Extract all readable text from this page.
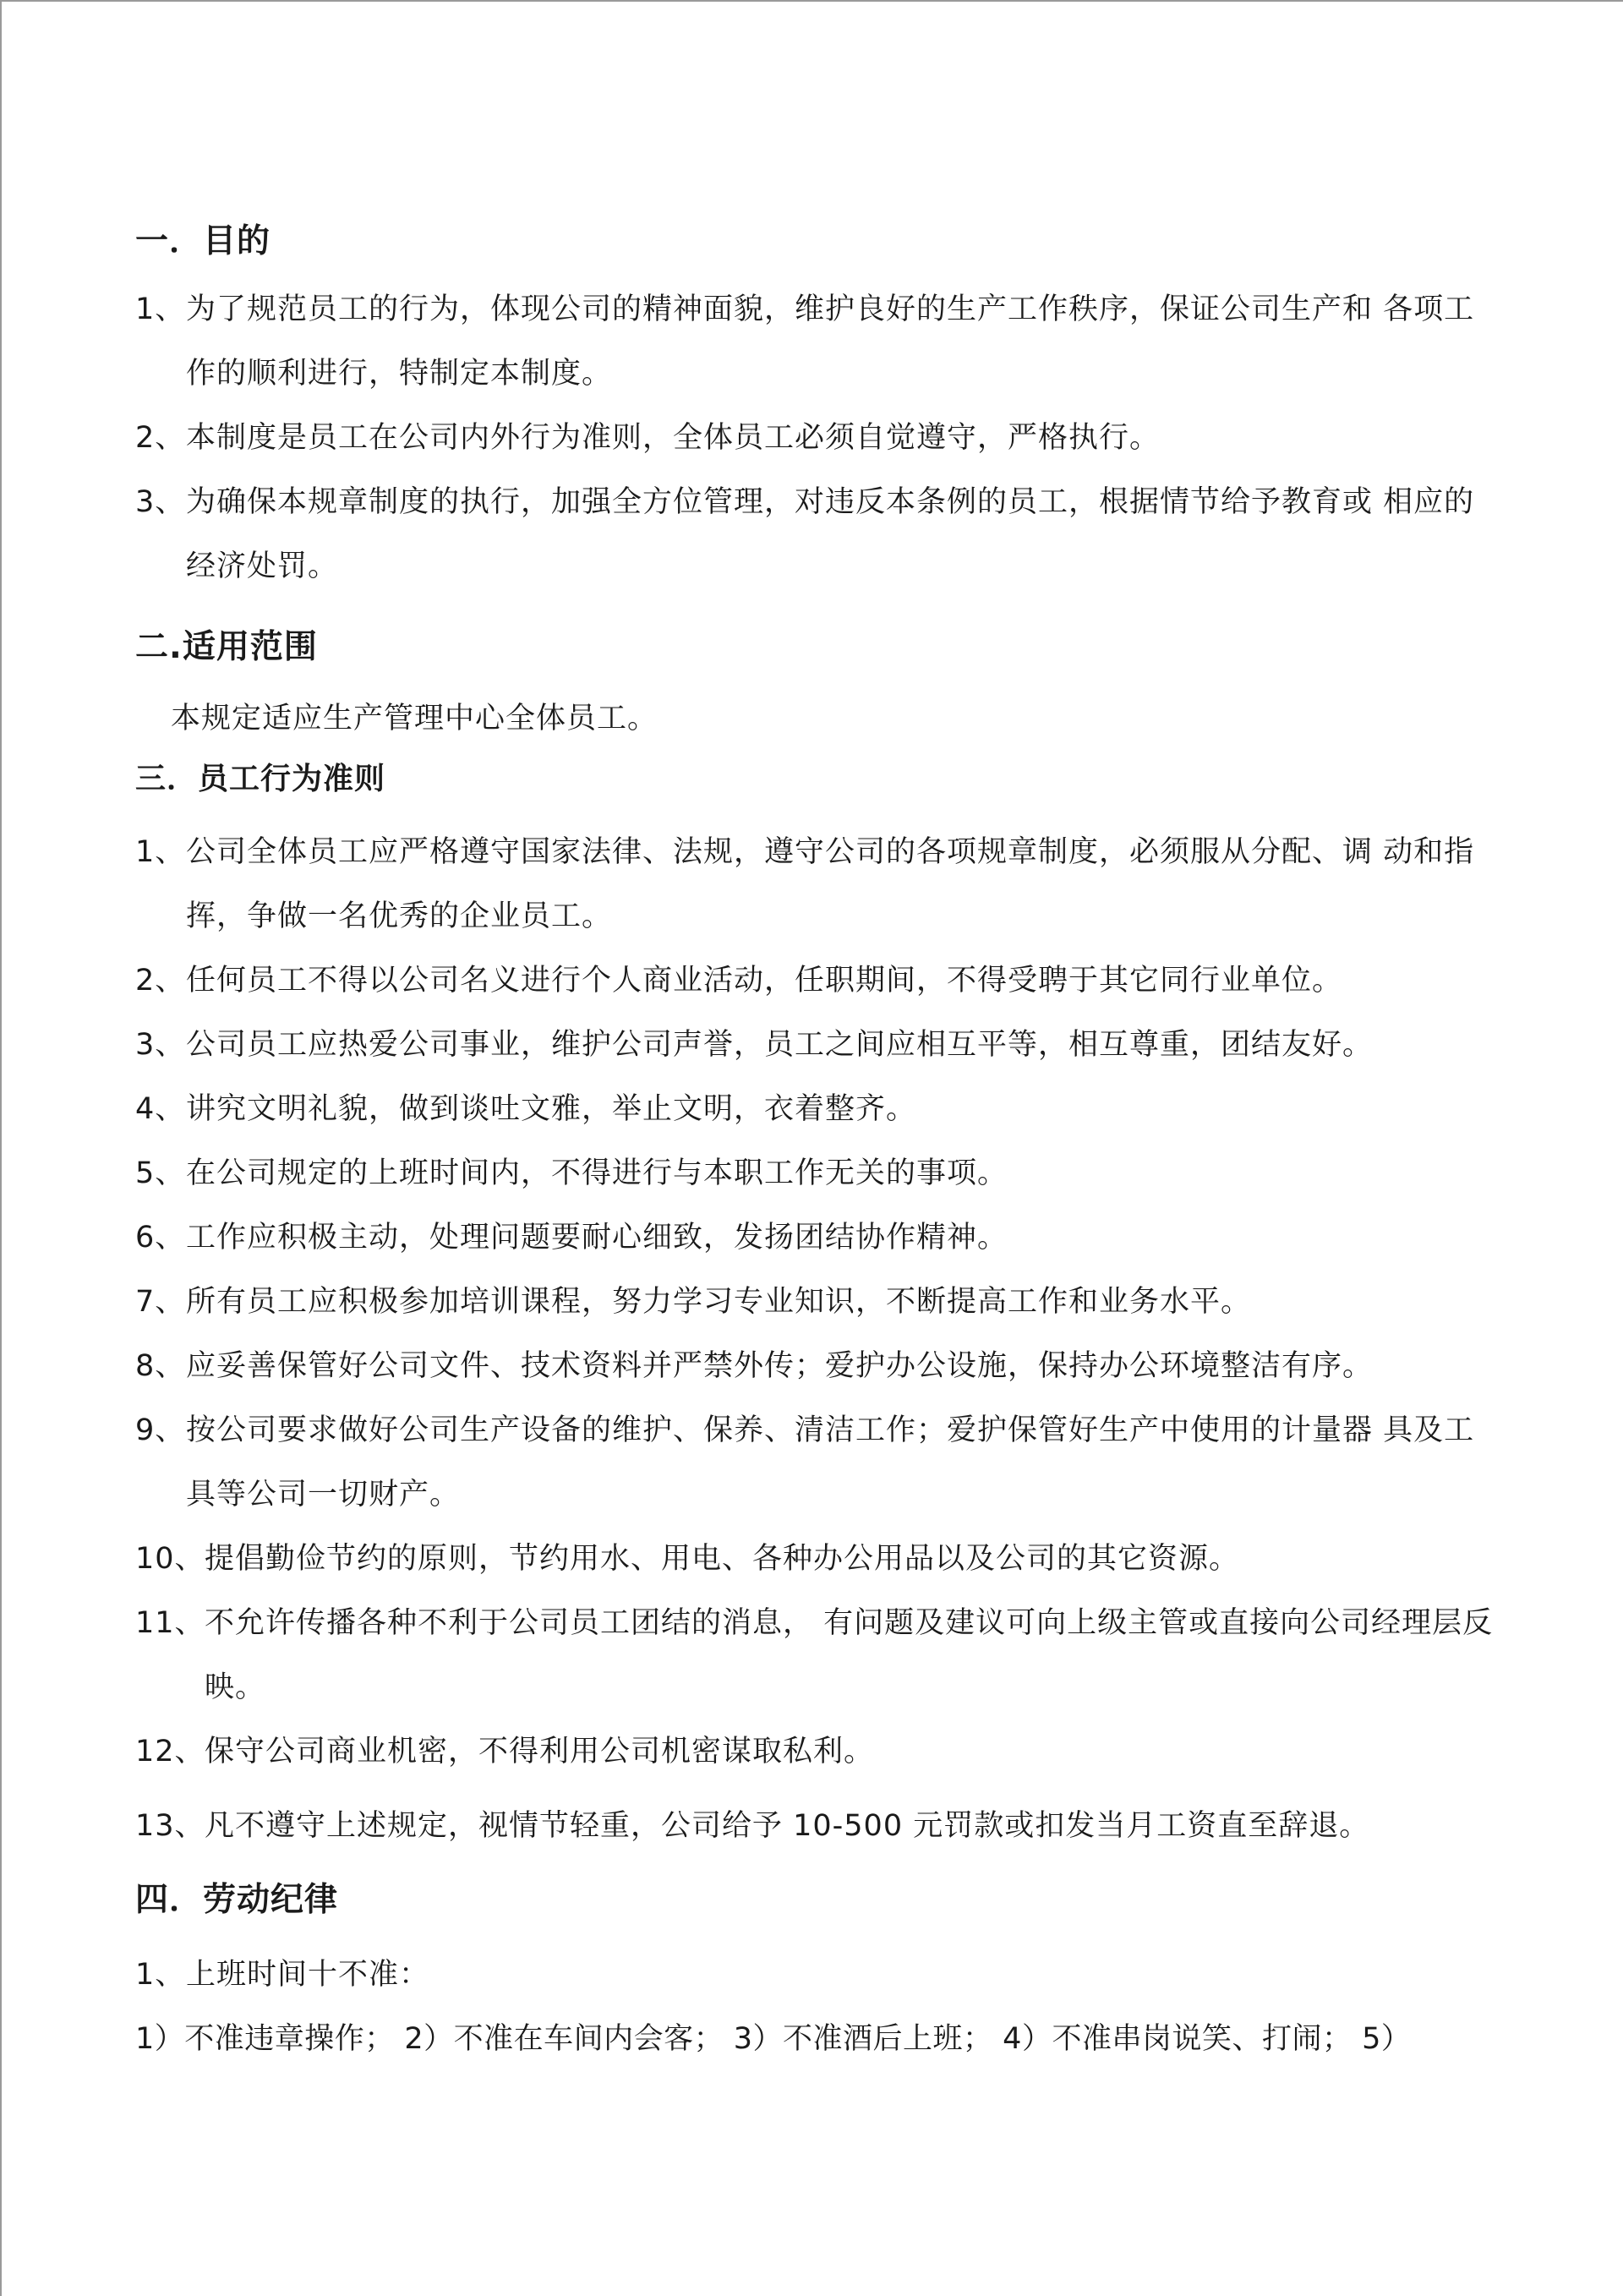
一．目的
1、 为了规范员工的行为，体现公司的精神面貌，维护良好的生产工作秩序，保证公司生产和 各项工作的顺利进行，特制定本制度。
2、 本制度是员工在公司内外行为准则，全体员工必须自觉遵守，严格执行。
3、 为确保本规章制度的执行，加强全方位管理，对违反本条例的员工，根据情节给予教育或 相应的经济处罚。
二.适用范围

本规定适应生产管理中心全体员工。

三．员工行为准则
1、 公司全体员工应严格遵守国家法律、法规，遵守公司的各项规章制度，必须服从分配、调 动和指挥，争做一名优秀的企业员工。
2、 任何员工不得以公司名义进行个人商业活动，任职期间，不得受聘于其它同行业单位。
3、 公司员工应热爱公司事业，维护公司声誉，员工之间应相互平等，相互尊重，团结友好。
4、 讲究文明礼貌，做到谈吐文雅，举止文明，衣着整齐。
5、 在公司规定的上班时间内，不得进行与本职工作无关的事项。
6、 工作应积极主动，处理问题要耐心细致，发扬团结协作精神。
7、 所有员工应积极参加培训课程，努力学习专业知识，不断提高工作和业务水平。
8、 应妥善保管好公司文件、技术资料并严禁外传；爱护办公设施，保持办公环境整洁有序。
9、 按公司要求做好公司生产设备的维护、保养、清洁工作；爱护保管好生产中使用的计量器 具及工具等公司一切财产。
10、 提倡勤俭节约的原则，节约用水、用电、各种办公用品以及公司的其它资源。
11、 不允许传播各种不利于公司员工团结的消息， 有问题及建议可向上级主管或直接向公司经理层反映。
12、 保守公司商业机密，不得利用公司机密谋取私利。
13、 凡不遵守上述规定，视情节轻重，公司给予 10-500 元罚款或扣发当月工资直至辞退。
四．劳动纪律
1、 上班时间十不准：

1）不准违章操作； 2）不准在车间内会客； 3）不准酒后上班； 4）不准串岗说笑、打闹； 5）
